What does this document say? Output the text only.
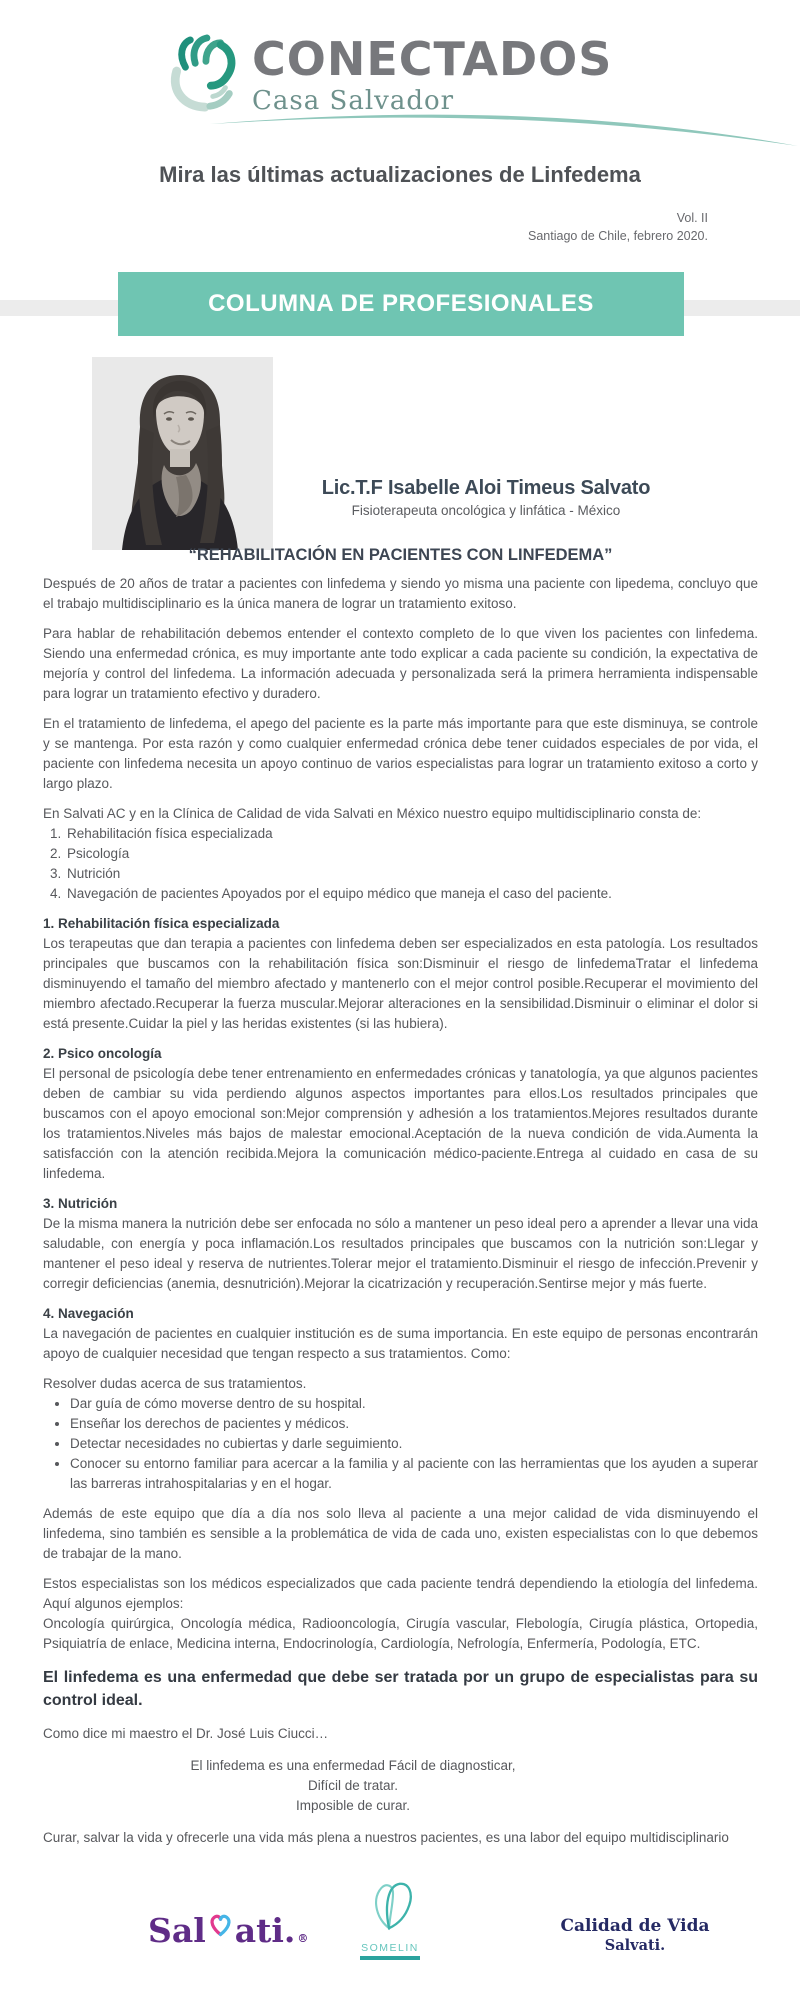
CONECTADOS
Casa Salvador
Mira las últimas actualizaciones de Linfedema
Vol. II
Santiago de Chile, febrero 2020.
COLUMNA DE PROFESIONALES
Lic.T.F Isabelle Aloi Timeus Salvato
Fisioterapeuta oncológica y linfática - México
“REHABILITACIÓN EN PACIENTES CON LINFEDEMA”

Después de 20 años de tratar a pacientes con linfedema y siendo yo misma una paciente con lipedema, concluyo que el trabajo multidisciplinario es la única manera de lograr un tratamiento exitoso.

Para hablar de rehabilitación debemos entender el contexto completo de lo que viven los pacientes con linfedema. Siendo una enfermedad crónica, es muy importante ante todo explicar a cada paciente su condición, la expectativa de mejoría y control del linfedema. La información adecuada y personalizada será la primera herramienta indispensable para lograr un tratamiento efectivo y duradero.

En el tratamiento de linfedema, el apego del paciente es la parte más importante para que este disminuya, se controle y se mantenga. Por esta razón y como cualquier enfermedad crónica debe tener cuidados especiales de por vida, el paciente con linfedema necesita un apoyo continuo de varios especialistas para lograr un tratamiento exitoso a corto y largo plazo.

En Salvati AC y en la Clínica de Calidad de vida Salvati en México nuestro equipo multidisciplinario consta de:

1. Rehabilitación física especializada
2. Psicología
3. Nutrición
4. Navegación de pacientes Apoyados por el equipo médico que maneja el caso del paciente.
1. Rehabilitación física especializada
Los terapeutas que dan terapia a pacientes con linfedema deben ser especializados en esta patología. Los resultados principales que buscamos con la rehabilitación física son:Disminuir el riesgo de linfedemaTratar el linfedema disminuyendo el tamaño del miembro afectado y mantenerlo con el mejor control posible.Recuperar el movimiento del miembro afectado.Recuperar la fuerza muscular.Mejorar alteraciones en la sensibilidad.Disminuir o eliminar el dolor si está presente.Cuidar la piel y las heridas existentes (si las hubiera).
2. Psico oncología
El personal de psicología debe tener entrenamiento en enfermedades crónicas y tanatología, ya que algunos pacientes deben de cambiar su vida perdiendo algunos aspectos importantes para ellos.Los resultados principales que buscamos con el apoyo emocional son:Mejor comprensión y adhesión a los tratamientos.Mejores resultados durante los tratamientos.Niveles más bajos de malestar emocional.Aceptación de la nueva condición de vida.Aumenta la satisfacción con la atención recibida.Mejora la comunicación médico-paciente.Entrega al cuidado en casa de su linfedema.
3. Nutrición
De la misma manera la nutrición debe ser enfocada no sólo a mantener un peso ideal pero a aprender a llevar una vida saludable, con energía y poca inflamación.Los resultados principales que buscamos con la nutrición son:Llegar y mantener el peso ideal y reserva de nutrientes.Tolerar mejor el tratamiento.Disminuir el riesgo de infección.Prevenir y corregir deficiencias (anemia, desnutrición).Mejorar la cicatrización y recuperación.Sentirse mejor y más fuerte.
4. Navegación
La navegación de pacientes en cualquier institución es de suma importancia. En este equipo de personas encontrarán apoyo de cualquier necesidad que tengan respecto a sus tratamientos. Como:

Resolver dudas acerca de sus tratamientos.

• Dar guía de cómo moverse dentro de su hospital.
• Enseñar los derechos de pacientes y médicos.
• Detectar necesidades no cubiertas y darle seguimiento.
• Conocer su entorno familiar para acercar a la familia y al paciente con las herramientas que los ayuden a superar las barreras intrahospitalarias y en el hogar.

Además de este equipo que día a día nos solo lleva al paciente a una mejor calidad de vida disminuyendo el linfedema, sino también es sensible a la problemática de vida de cada uno, existen especialistas con lo que debemos de trabajar de la mano.

Estos especialistas son los médicos especializados que cada paciente tendrá dependiendo la etiología del linfedema. Aquí algunos ejemplos:

Oncología quirúrgica, Oncología médica, Radiooncología, Cirugía vascular, Flebología, Cirugía plástica, Ortopedia, Psiquiatría de enlace, Medicina interna, Endocrinología, Cardiología, Nefrología, Enfermería, Podología, ETC.

El linfedema es una enfermedad que debe ser tratada por un grupo de especialistas para su control ideal.

Como dice mi maestro el Dr. José Luis Ciucci…

El linfedema es una enfermedad Fácil de diagnosticar,
Difícil de tratar.
Imposible de curar.

Curar, salvar la vida y ofrecerle una vida más plena a nuestros pacientes, es una labor del equipo multidisciplinario

Sal ati. ®
SOMELIN
Calidad de Vida
Salvati.
